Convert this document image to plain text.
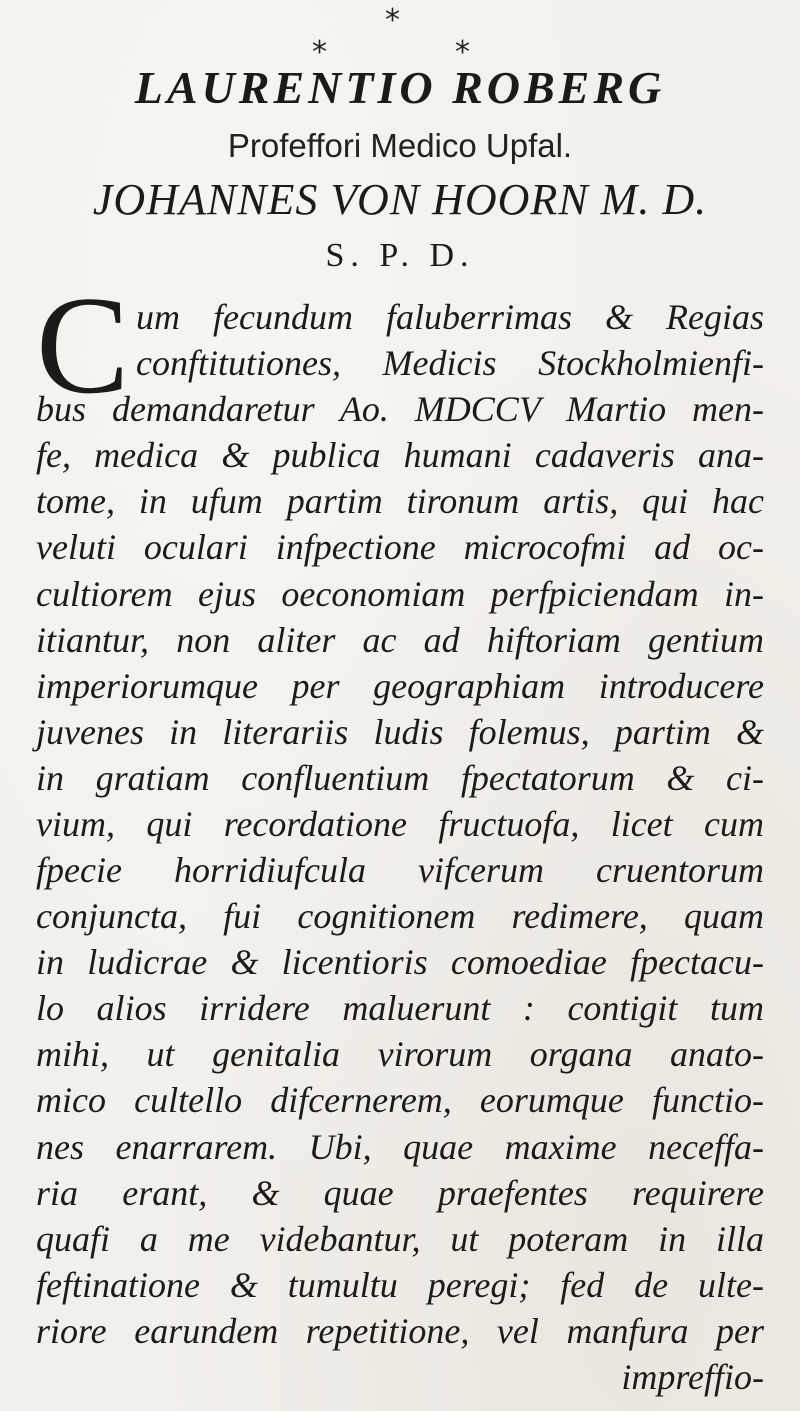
*
*	*
LAURENTIO ROBERG
Profeffori Medico Upfal.
JOHANNES VON HOORN M. D.
S. P. D.
C um fecundum faluberrimas & Regias
conftitutiones, Medicis Stockholmienfi-
bus demandaretur Ao. MDCCV Martio men-
fe, medica & publica humani cadaveris ana-
tome, in ufum partim tironum artis, qui hac
veluti oculari infpectione microcofmi ad oc-
cultiorem ejus oeconomiam perfpiciendam in-
itiantur, non aliter ac ad hiftoriam gentium
imperiorumque per geographiam introducere
juvenes in literariis ludis folemus, partim &
in gratiam confluentium fpectatorum & ci-
vium, qui recordatione fructuofa, licet cum
fpecie horridiufcula vifcerum cruentorum
conjuncta, fui cognitionem redimere, quam
in ludicrae & licentioris comoediae fpectacu-
lo alios irridere maluerunt : contigit tum
mihi, ut genitalia virorum organa anato-
mico cultello difcernerem, eorumque functio-
nes enarrarem. Ubi, quae maxime neceffa-
ria erant, & quae praefentes requirere
quafi a me videbantur, ut poteram in illa
feftinatione & tumultu peregi; fed de ulte-
riore earundem repetitione, vel manfura per
impreffio-
